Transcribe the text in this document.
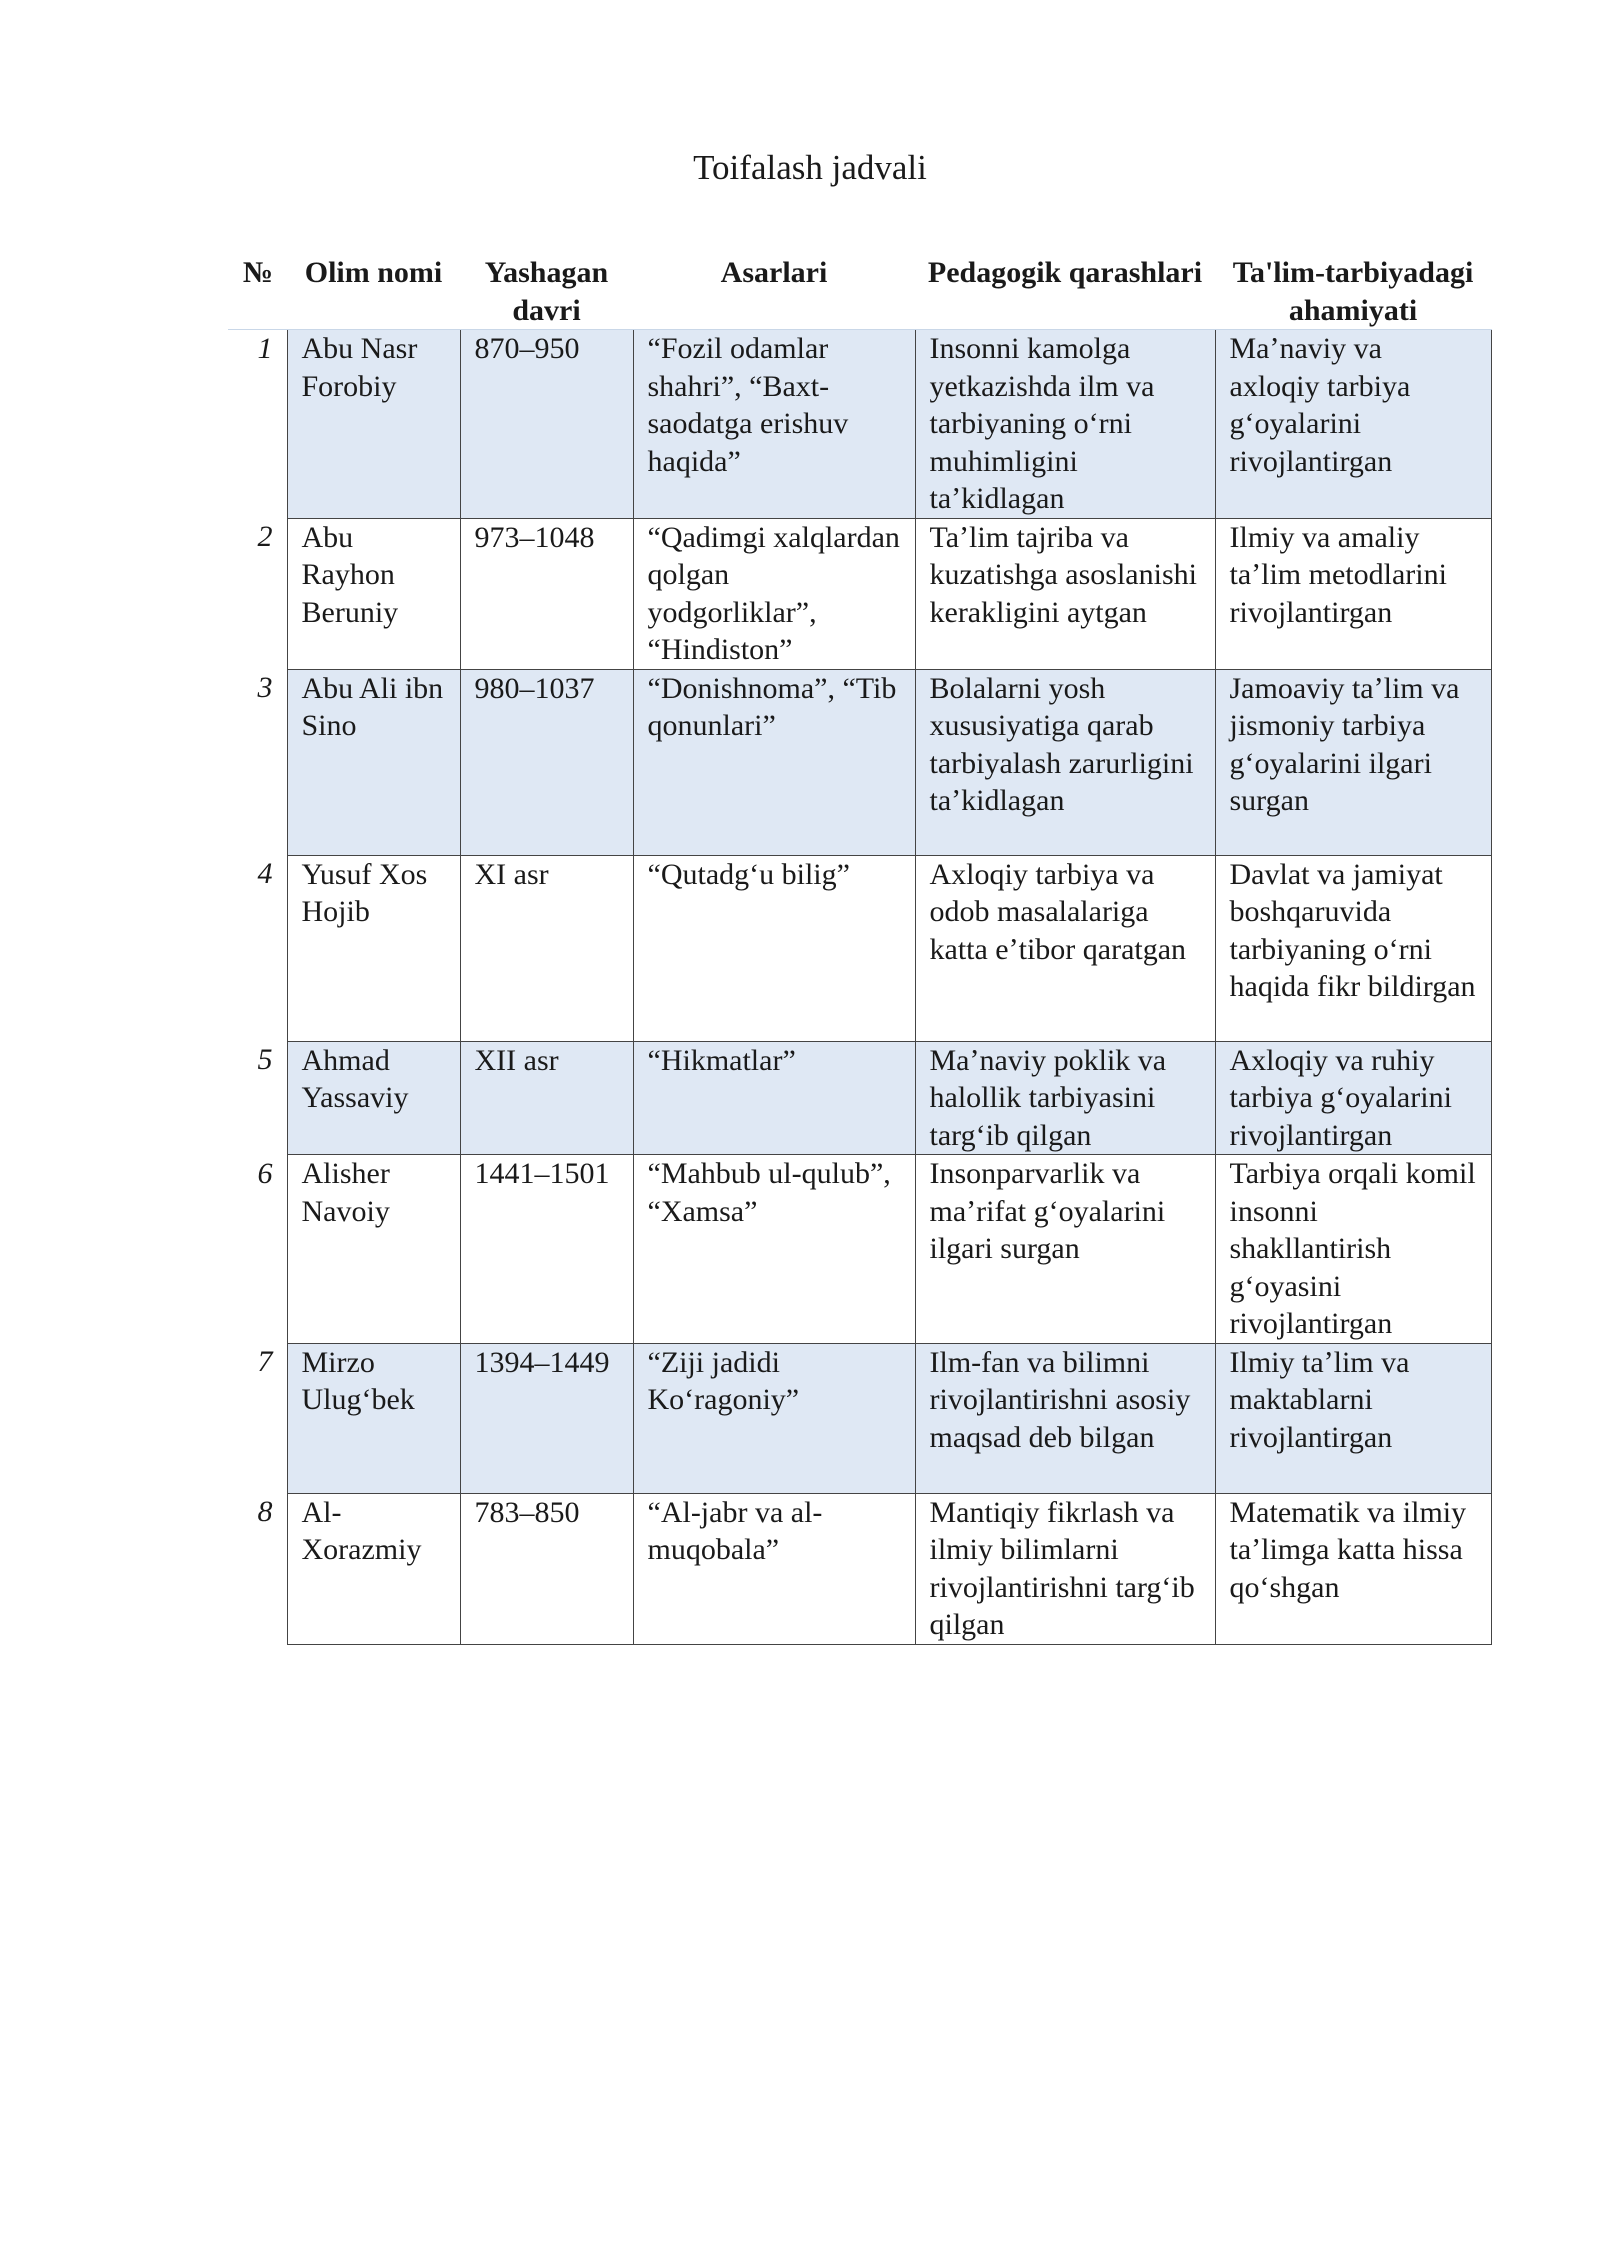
Toifalash jadvali
№	Olim nomi	Yashagan davri	Asarlari	Pedagogik qarashlari	Ta'lim-tarbiyadagi ahamiyati
1	Abu Nasr Forobiy	870–950	“Fozil odamlar shahri”, “Baxt-saodatga erishuv haqida”	Insonni kamolga yetkazishda ilm va tarbiyaning oʻrni muhimligini taʼkidlagan	Maʼnaviy va axloqiy tarbiya gʻoyalarini rivojlantirgan
2	Abu Rayhon Beruniy	973–1048	“Qadimgi xalqlardan qolgan yodgorliklar”, “Hindiston”	Taʼlim tajriba va kuzatishga asoslanishi kerakligini aytgan	Ilmiy va amaliy taʼlim metodlarini rivojlantirgan
3	Abu Ali ibn Sino	980–1037	“Donishnoma”, “Tib qonunlari”	Bolalarni yosh xususiyatiga qarab tarbiyalash zarurligini taʼkidlagan	Jamoaviy taʼlim va jismoniy tarbiya gʻoyalarini ilgari surgan
4	Yusuf Xos Hojib	XI asr	“Qutadgʻu bilig”	Axloqiy tarbiya va odob masalalariga katta eʼtibor qaratgan	Davlat va jamiyat boshqaruvida tarbiyaning oʻrni haqida fikr bildirgan
5	Ahmad Yassaviy	XII asr	“Hikmatlar”	Maʼnaviy poklik va halollik tarbiyasini targʻib qilgan	Axloqiy va ruhiy tarbiya gʻoyalarini rivojlantirgan
6	Alisher Navoiy	1441–1501	“Mahbub ul-qulub”, “Xamsa”	Insonparvarlik va maʼrifat gʻoyalarini ilgari surgan	Tarbiya orqali komil insonni shakllantirish gʻoyasini rivojlantirgan
7	Mirzo Ulugʻbek	1394–1449	“Ziji jadidi Koʻragoniy”	Ilm-fan va bilimni rivojlantirishni asosiy maqsad deb bilgan	Ilmiy taʼlim va maktablarni rivojlantirgan
8	Al-Xorazmiy	783–850	“Al-jabr va al-muqobala”	Mantiqiy fikrlash va ilmiy bilimlarni rivojlantirishni targʻib qilgan	Matematik va ilmiy taʼlimga katta hissa qoʻshgan
